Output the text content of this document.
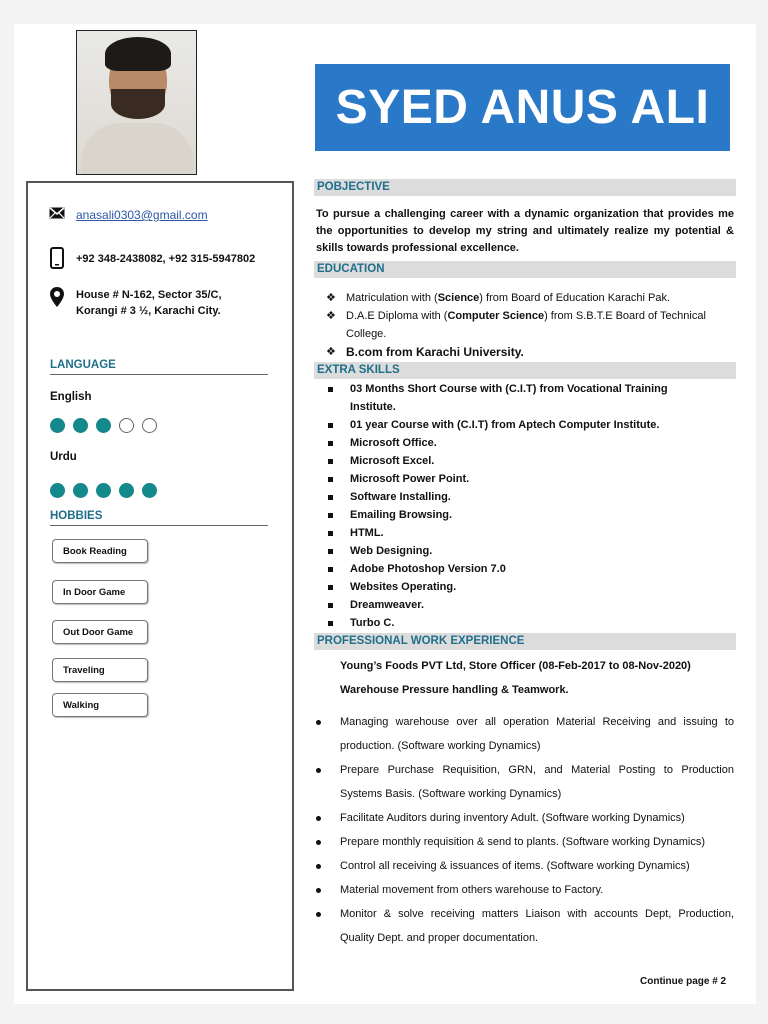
SYED ANUS ALI
anasali0303@gmail.com
+92 348-2438082, +92 315-5947802
House # N-162, Sector 35/C,
Korangi # 3 ½, Karachi City.
LANGUAGE
English
Urdu
HOBBIES
Book Reading
In Door Game
Out Door Game
Traveling
Walking
POBJECTIVE
To pursue a challenging career with a dynamic organization that provides me the opportunities to develop my string and ultimately realize my potential & skills towards professional excellence.
EDUCATION
❖ Matriculation with (Science) from Board of Education Karachi Pak.
❖ D.A.E Diploma with (Computer Science) from S.B.T.E Board of Technical College.
❖ B.com from Karachi University.
EXTRA SKILLS
03 Months Short Course with (C.I.T) from Vocational Training Institute.
01 year Course with (C.I.T) from Aptech Computer Institute.
Microsoft Office.
Microsoft Excel.
Microsoft Power Point.
Software Installing.
Emailing Browsing.
HTML.
Web Designing.
Adobe Photoshop Version 7.0
Websites Operating.
Dreamweaver.
Turbo C.
PROFESSIONAL WORK EXPERIENCE
Young’s Foods PVT Ltd, Store Officer (08-Feb-2017 to 08-Nov-2020)
Warehouse Pressure handling & Teamwork.
Managing warehouse over all operation Material Receiving and issuing to production. (Software working Dynamics)
Prepare Purchase Requisition, GRN, and Material Posting to Production Systems Basis. (Software working Dynamics)
Facilitate Auditors during inventory Adult. (Software working Dynamics)
Prepare monthly requisition & send to plants. (Software working Dynamics)
Control all receiving & issuances of items. (Software working Dynamics)
Material movement from others warehouse to Factory.
Monitor & solve receiving matters Liaison with accounts Dept, Production, Quality Dept. and proper documentation.
Continue page # 2
